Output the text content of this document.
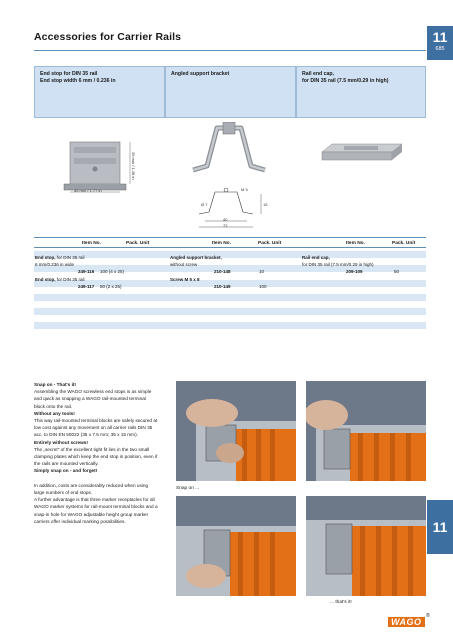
Accessories for Carrier Rails	11
685
End stop for DIN 35 rail
End stop width 6 mm / 0.236 in
Angled support bracket	Rail end cap,
for DIN 35 rail (7.5 mm/0.29 in high)
35 mm / 1.38 in
45 mm / 1.77 in	M 5
Ø 7
40
72
15
Item No.	Pack. Unit	Item No.	Pack. Unit	Item No.	Pack. Unit
End stop, for DIN 35 rail
6 mm/0.236 in wide
249-116 100 (4 x 25)
End stop, for DIN 35 rail
249-117 50 (2 x 25)
Angled support bracket,
without screw
210-148	10
Screw M 5 x 8
210-149	100
Rail end cap,
for DIN 35 rail (7.5 mm/0.29 in high)
209-109	50

Snap on - That's it!

Assembling the WAGO screwless end stops is as simple

and quick as snapping a WAGO rail-mounted terminal

block onto the rail.

Without any tools!

This way rail-mounted terminal blocks are safely secured at

low cost against any movement on all carrier rails DIN 35

acc. to DIN EN 50022 (35 x 7.5 mm; 35 x 15 mm).

Entirely without screws!

The „secret" of the excellent tight fit lies in the two small

clamping plates which keep the end stop in position, even if

the rails are mounted vertically.

Simply snap on - and forget!

In addition, costs are considerably reduced when using

large numbers of end stops.

A further advantage is that three marker receptacles for all

WAGO marker systems for rail-mount terminal blocks and a

snap-in hole for WAGO adjustable height group marker

carriers offer individual marking possibilities.

Snap on ...
... that's it!
11
WAGO
®
